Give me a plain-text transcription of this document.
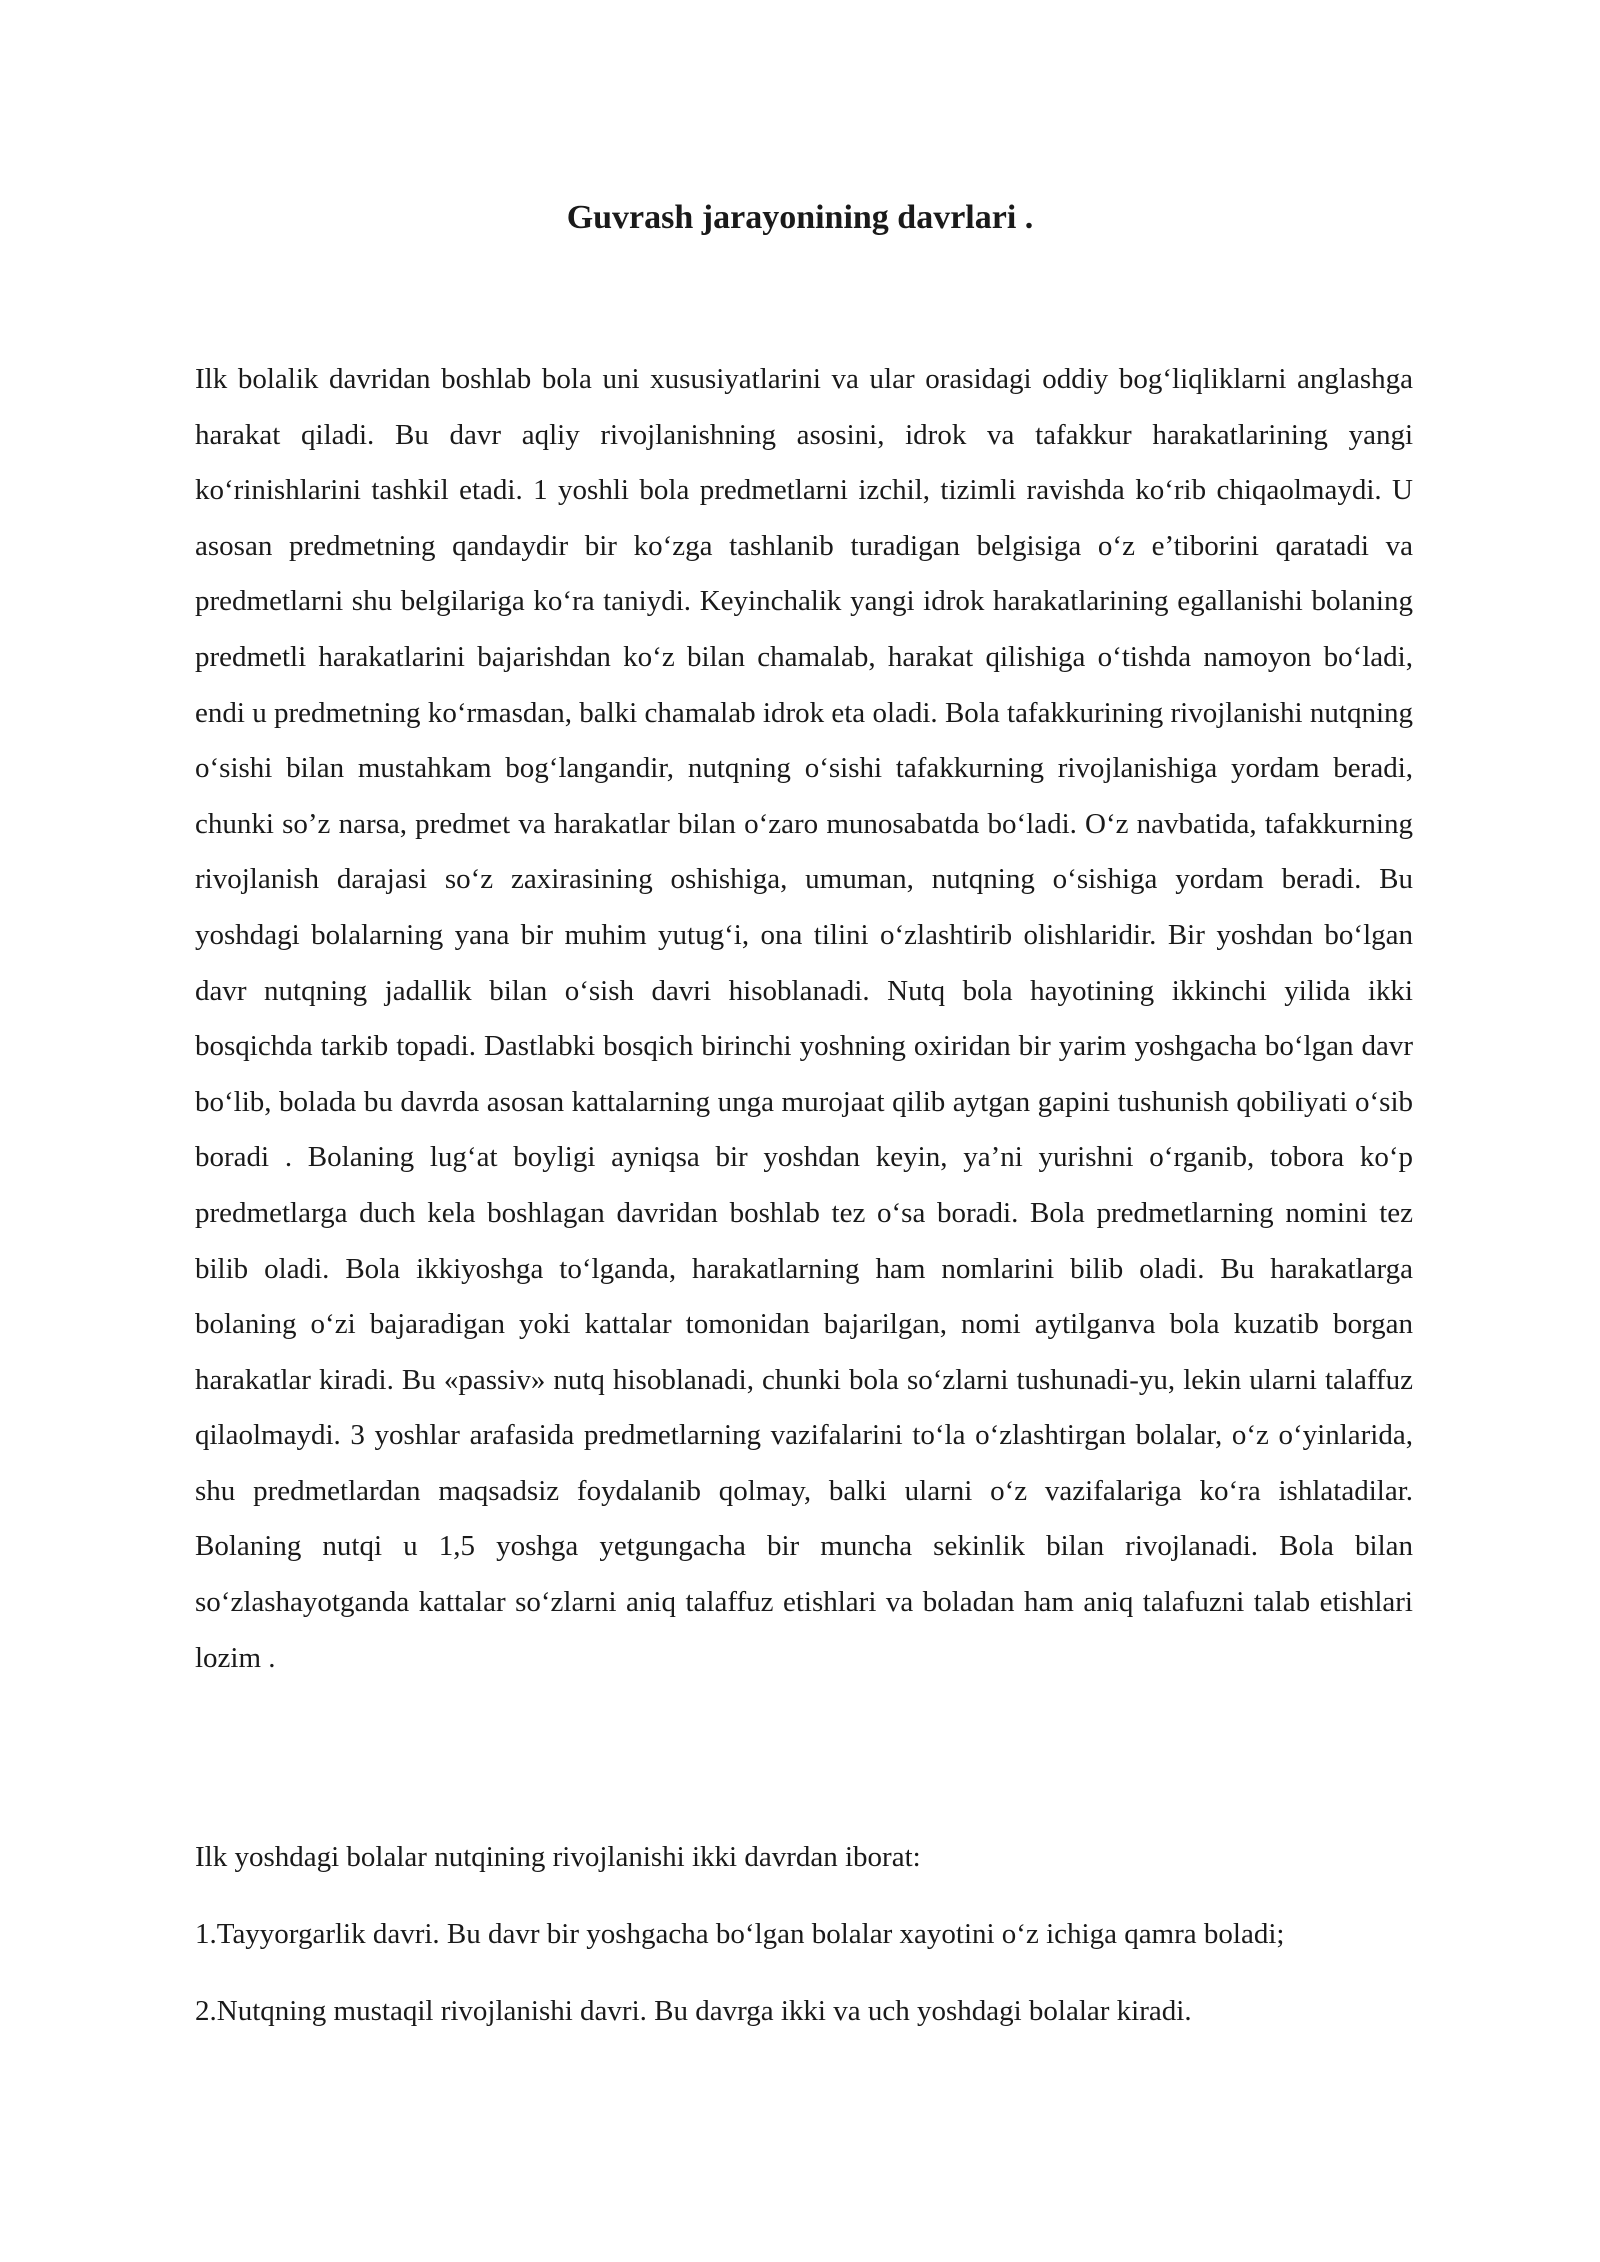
Guvrash jarayonining davrlari .

Ilk bolalik davridan boshlab bola uni xususiyatlarini va ular orasidagi oddiy bog‘liqliklarni anglashga harakat qiladi. Bu davr aqliy rivojlanishning asosini, idrok va tafakkur harakatlarining yangi ko‘rinishlarini tashkil etadi. 1 yoshli bola predmetlarni izchil, tizimli ravishda ko‘rib chiqaolmaydi. U asosan predmetning qandaydir bir ko‘zga tashlanib turadigan belgisiga o‘z e’tiborini qaratadi va predmetlarni shu belgilariga ko‘ra taniydi. Keyinchalik yangi idrok harakatlarining egallanishi bolaning predmetli harakatlarini bajarishdan ko‘z bilan chamalab, harakat qilishiga o‘tishda namoyon bo‘ladi, endi u predmetning ko‘rmasdan, balki chamalab idrok eta oladi. Bola tafakkurining rivojlanishi nutqning o‘sishi bilan mustahkam bog‘langandir, nutqning o‘sishi tafakkurning rivojlanishiga yordam beradi, chunki so’z narsa, predmet va harakatlar bilan o‘zaro munosabatda bo‘ladi. O‘z navbatida, tafakkurning rivojlanish darajasi so‘z zaxirasining oshishiga, umuman, nutqning o‘sishiga yordam beradi. Bu yoshdagi bolalarning yana bir muhim yutug‘i, ona tilini o‘zlashtirib olishlaridir. Bir yoshdan bo‘lgan davr nutqning jadallik bilan o‘sish davri hisoblanadi. Nutq bola hayotining ikkinchi yilida ikki bosqichda tarkib topadi. Dastlabki bosqich birinchi yoshning oxiridan bir yarim yoshgacha bo‘lgan davr bo‘lib, bolada bu davrda asosan kattalarning unga murojaat qilib aytgan gapini tushunish qobiliyati o‘sib boradi . Bolaning lug‘at boyligi ayniqsa bir yoshdan keyin, ya’ni yurishni o‘rganib, tobora ko‘p predmetlarga duch kela boshlagan davridan boshlab tez o‘sa boradi. Bola predmetlarning nomini tez bilib oladi. Bola ikkiyoshga to‘lganda, harakatlarning ham nomlarini bilib oladi. Bu harakatlarga bolaning o‘zi bajaradigan yoki kattalar tomonidan bajarilgan, nomi aytilganva bola kuzatib borgan harakatlar kiradi. Bu «passiv» nutq hisoblanadi, chunki bola so‘zlarni tushunadi-yu, lekin ularni talaffuz qilaolmaydi. 3 yoshlar arafasida predmetlarning vazifalarini to‘la o‘zlashtirgan bolalar, o‘z o‘yinlarida, shu predmetlardan maqsadsiz foydalanib qolmay, balki ularni o‘z vazifalariga ko‘ra ishlatadilar. Bolaning nutqi u 1,5 yoshga yetgungacha bir muncha sekinlik bilan rivojlanadi. Bola bilan so‘zlashayotganda kattalar so‘zlarni aniq talaffuz etishlari va boladan ham aniq talafuzni talab etishlari lozim .

Ilk yoshdagi bolalar nutqining rivojlanishi ikki davrdan iborat:

1.Tayyorgarlik davri. Bu davr bir yoshgacha bo‘lgan bolalar xayotini o‘z ichiga qamra boladi;

2.Nutqning mustaqil rivojlanishi davri. Bu davrga ikki va uch yoshdagi bolalar kiradi.
